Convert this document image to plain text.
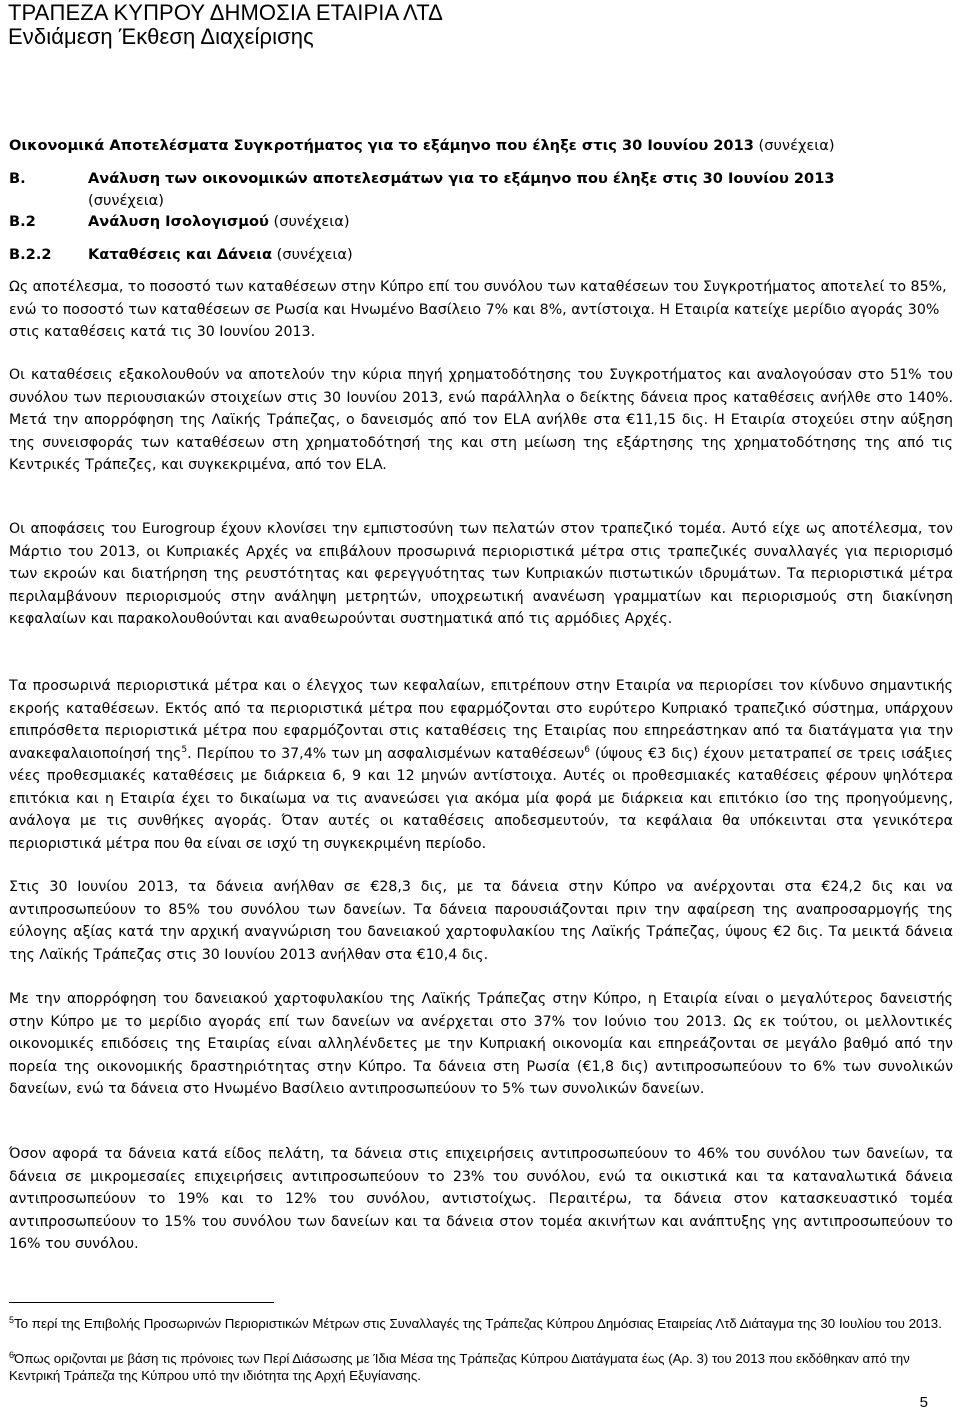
ΤΡΑΠΕΖΑ ΚΥΠΡΟΥ ΔΗΜΟΣΙΑ ΕΤΑΙΡΙΑ ΛΤΔ
Ενδιάμεση Έκθεση Διαχείρισης
Οικονομικά Αποτελέσματα Συγκροτήματος για το εξάμηνο που έληξε στις 30 Ιουνίου 2013 (συνέχεια)
Β.	Ανάλυση των οικονομικών αποτελεσμάτων για το εξάμηνο που έληξε στις 30 Ιουνίου 2013
(συνέχεια)
Β.2	Ανάλυση Ισολογισμού (συνέχεια)
Β.2.2 Καταθέσεις και Δάνεια (συνέχεια)

Ως αποτέλεσμα, το ποσοστό των καταθέσεων στην Κύπρο επί του συνόλου των καταθέσεων του Συγκροτήματος αποτελεί το 85%, ενώ το ποσοστό των καταθέσεων σε Ρωσία και Ηνωμένο Βασίλειο 7% και 8%, αντίστοιχα. Η Εταιρία κατείχε μερίδιο αγοράς 30% στις καταθέσεις κατά τις 30 Ιουνίου 2013.

Οι καταθέσεις εξακολουθούν να αποτελούν την κύρια πηγή χρηματοδότησης του Συγκροτήματος και αναλογούσαν στο 51% του συνόλου των περιουσιακών στοιχείων στις 30 Ιουνίου 2013, ενώ παράλληλα ο δείκτης δάνεια προς καταθέσεις ανήλθε στο 140%. Μετά την απορρόφηση της Λαϊκής Τράπεζας, ο δανεισμός από τον ELA ανήλθε στα €11,15 δις. Η Εταιρία στοχεύει στην αύξηση της συνεισφοράς των καταθέσεων στη χρηματοδότησή της και στη μείωση της εξάρτησης της χρηματοδότησης της από τις Κεντρικές Τράπεζες, και συγκεκριμένα, από τον ELA.

Οι αποφάσεις του Eurogroup έχουν κλονίσει την εμπιστοσύνη των πελατών στον τραπεζικό τομέα. Αυτό είχε ως αποτέλεσμα, τον Μάρτιο του 2013, οι Κυπριακές Αρχές να επιβάλουν προσωρινά περιοριστικά μέτρα στις τραπεζικές συναλλαγές για περιορισμό των εκροών και διατήρηση της ρευστότητας και φερεγγυότητας των Κυπριακών πιστωτικών ιδρυμάτων. Τα περιοριστικά μέτρα περιλαμβάνουν περιορισμούς στην ανάληψη μετρητών, υποχρεωτική ανανέωση γραμματίων και περιορισμούς στη διακίνηση κεφαλαίων και παρακολουθούνται και αναθεωρούνται συστηματικά από τις αρμόδιες Αρχές.

Τα προσωρινά περιοριστικά μέτρα και ο έλεγχος των κεφαλαίων, επιτρέπουν στην Εταιρία να περιορίσει τον κίνδυνο σημαντικής εκροής καταθέσεων. Εκτός από τα περιοριστικά μέτρα που εφαρμόζονται στο ευρύτερο Κυπριακό τραπεζικό σύστημα, υπάρχουν επιπρόσθετα περιοριστικά μέτρα που εφαρμόζονται στις καταθέσεις της Εταιρίας που επηρεάστηκαν από τα διατάγματα για την ανακεφαλαιοποίησή της$^5$. Περίπου το 37,4% των μη ασφαλισμένων καταθέσεων$^6$ (ύψους €3 δις) έχουν μετατραπεί σε τρεις ισάξιες νέες προθεσμιακές καταθέσεις με διάρκεια 6, 9 και 12 μηνών αντίστοιχα. Αυτές οι προθεσμιακές καταθέσεις φέρουν ψηλότερα επιτόκια και η Εταιρία έχει το δικαίωμα να τις ανανεώσει για ακόμα μία φορά με διάρκεια και επιτόκιο ίσο της προηγούμενης, ανάλογα με τις συνθήκες αγοράς. Όταν αυτές οι καταθέσεις αποδεσμευτούν, τα κεφάλαια θα υπόκεινται στα γενικότερα περιοριστικά μέτρα που θα είναι σε ισχύ τη συγκεκριμένη περίοδο.

Στις 30 Ιουνίου 2013, τα δάνεια ανήλθαν σε €28,3 δις, με τα δάνεια στην Κύπρο να ανέρχονται στα €24,2 δις και να αντιπροσωπεύουν το 85% του συνόλου των δανείων. Τα δάνεια παρουσιάζονται πριν την αφαίρεση της αναπροσαρμογής της εύλογης αξίας κατά την αρχική αναγνώριση του δανειακού χαρτοφυλακίου της Λαϊκής Τράπεζας, ύψους €2 δις. Τα μεικτά δάνεια της Λαϊκής Τράπεζας στις 30 Ιουνίου 2013 ανήλθαν στα €10,4 δις.

Με την απορρόφηση του δανειακού χαρτοφυλακίου της Λαϊκής Τράπεζας στην Κύπρο, η Εταιρία είναι ο μεγαλύτερος δανειστής στην Κύπρο με το μερίδιο αγοράς επί των δανείων να ανέρχεται στο 37% τον Ιούνιο του 2013. Ως εκ τούτου, οι μελλοντικές οικονομικές επιδόσεις της Εταιρίας είναι αλληλένδετες με την Κυπριακή οικονομία και επηρεάζονται σε μεγάλο βαθμό από την πορεία της οικονομικής δραστηριότητας στην Κύπρο. Τα δάνεια στη Ρωσία (€1,8 δις) αντιπροσωπεύουν το 6% των συνολικών δανείων, ενώ τα δάνεια στο Ηνωμένο Βασίλειο αντιπροσωπεύουν το 5% των συνολικών δανείων.

Όσον αφορά τα δάνεια κατά είδος πελάτη, τα δάνεια στις επιχειρήσεις αντιπροσωπεύουν το 46% του συνόλου των δανείων, τα δάνεια σε μικρομεσαίες επιχειρήσεις αντιπροσωπεύουν το 23% του συνόλου, ενώ τα οικιστικά και τα καταναλωτικά δάνεια αντιπροσωπεύουν το 19% και το 12% του συνόλου, αντιστοίχως. Περαιτέρω, τα δάνεια στον κατασκευαστικό τομέα αντιπροσωπεύουν το 15% του συνόλου των δανείων και τα δάνεια στον τομέα ακινήτων και ανάπτυξης γης αντιπροσωπεύουν το 16% του συνόλου.

$^5$Το περί της Επιβολής Προσωρινών Περιοριστικών Μέτρων στις Συναλλαγές της Τράπεζας Κύπρου Δημόσιας Εταιρείας Λτδ Διάταγμα της 30 Ιουλίου του 2013.

$^6$Όπως οριζονται με βάση τις πρόνοιες των Περί Διάσωσης με Ίδια Μέσα της Τράπεζας Κύπρου Διατάγματα έως (Αρ. 3) του 2013 που εκδόθηκαν από την Κεντρική Τράπεζα της Κύπρου υπό την ιδιότητα της Αρχή Εξυγίανσης.

5
